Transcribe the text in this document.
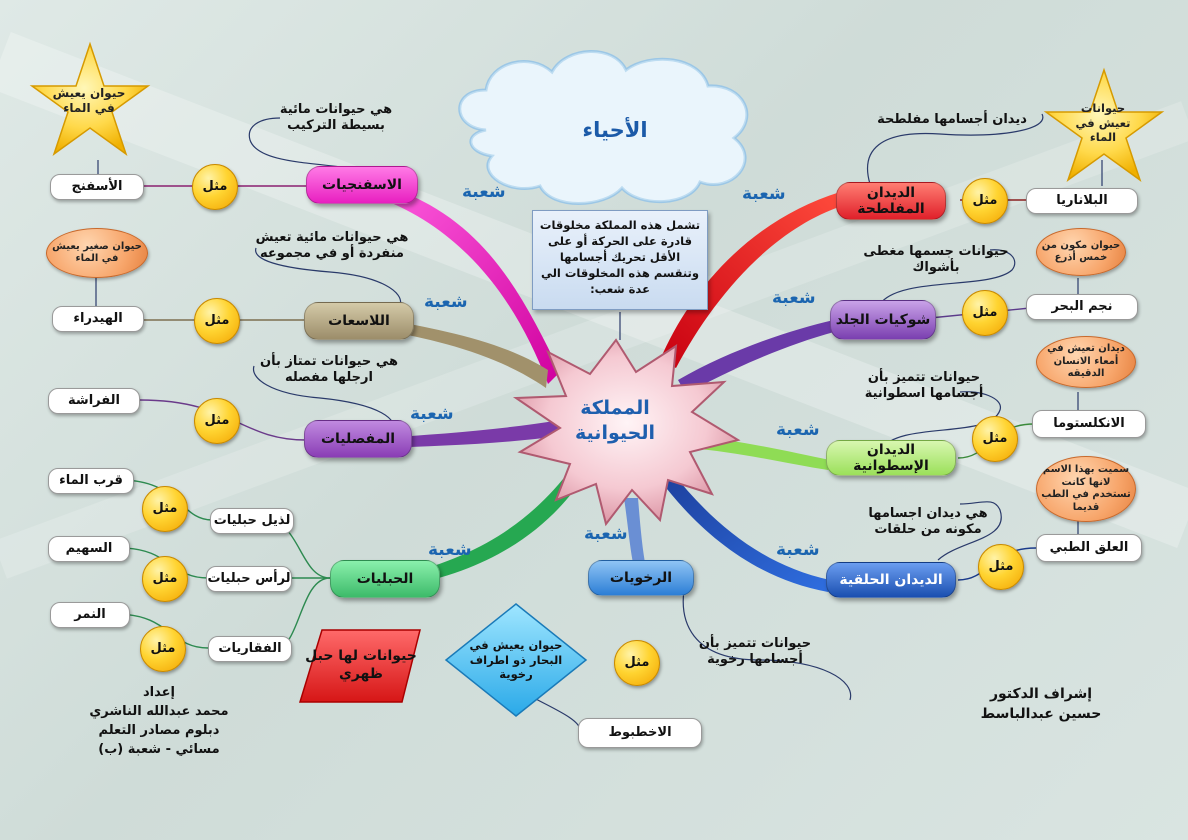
الأحياء
المملكة
الحيوانية
تشمل هذه المملكة مخلوقات قادرة على الحركة أو على الأقل تحريك أجسامها وتنقسم هذه المخلوقات الي عدة شعب:
شعبة
شعبة
شعبة
شعبة
شعبة
شعبة
شعبة
شعبة
شعبة
الاسفنجيات
هي حيوانات مائية بسيطة التركيب
مثل
الأسفنج
حيوان يعيش في الماء
اللاسعات
هي حيوانات مائية تعيش منفردة أو في مجموعه
مثل
الهيدراء
حيوان صغير يعيش في الماء
المفصليات
هي حيوانات تمتاز بأن ارجلها مفصله
مثل
الفراشة
الحبليات
لذيل حبليات
لرأس حبليات
الفقاريات
مثل
مثل
مثل
قرب الماء
السهيم
النمر
حيوانات لها حبل ظهري
الرخويات
حيوانات تتميز بأن أجسامها رخوية
مثل
الاخطبوط
حيوان يعيش في البحار ذو اطراف رخوية
الديدان المفلطحة
ديدان أجسامها مفلطحة
مثل	البلاناريا
حيوانات تعيش في الماء
شوكيات الجلد
حيوانات جسمها مغطى بأشواك
مثل	نجم البحر
حيوان مكون من خمس أذرع
الديدان الإسطوانية
حيوانات تتميز بأن أجسامها اسطوانية
مثل
الانكلستوما
ديدان تعيش في أمعاء الانسان الدقيقه
الديدان الحلقية
هي ديدان اجسامها مكونه من حلقات
مثل
العلق الطبي
سميت بهذا الاسم لانها كانت تستخدم في الطب قديما
إعداد
محمد عبدالله الناشري
دبلوم مصادر التعلم
مسائي - شعبة (ب)
إشراف الدكتور
حسين عبدالباسط
